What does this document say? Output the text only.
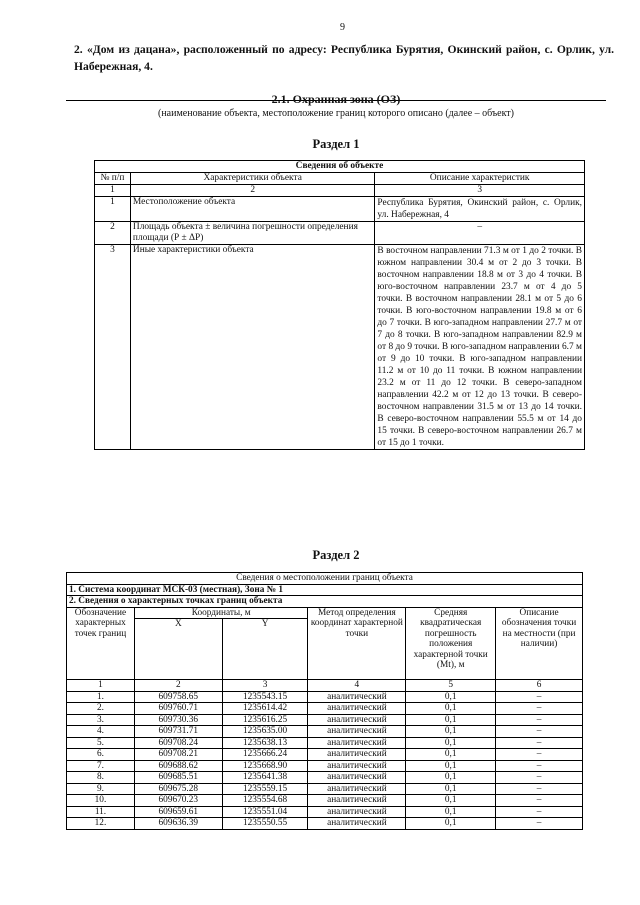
9
2. «Дом из дацана», расположенный по адресу: Республика Бурятия, Окинский район, с. Орлик, ул. Набережная, 4.
2.1. Охранная зона (ОЗ)
(наименование объекта, местоположение границ которого описано (далее – объект)
Раздел 1
Сведения об объекте		
№ п/п	Характеристики объекта	Описание характеристик
1	2	3
1	Местоположение объекта	Республика Бурятия, Окинский район, с. Орлик, ул. Набережная, 4
2	Площадь объекта ± величина погрешности определения площади (Р ± ΔР)	–
3	Иные характеристики объекта	В восточном направлении 71.3 м от 1 до 2 точки. В южном направлении 30.4 м от 2 до 3 точки. В восточном направлении 18.8 м от 3 до 4 точки. В юго-восточном направлении 23.7 м от 4 до 5 точки. В восточном направлении 28.1 м от 5 до 6 точки. В юго-восточном направлении 19.8 м от 6 до 7 точки. В юго-западном направлении 27.7 м от 7 до 8 точки. В юго-западном направлении 82.9 м от 8 до 9 точки. В юго-западном направлении 6.7 м от 9 до 10 точки. В юго-западном направлении 11.2 м от 10 до 11 точки. В южном направлении 23.2 м от 11 до 12 точки. В северо-западном направлении 42.2 м от 12 до 13 точки. В северо-восточном направлении 31.5 м от 13 до 14 точки. В северо-восточном направлении 55.5 м от 14 до 15 точки. В северо-восточном направлении 26.7 м от 15 до 1 точки.
Раздел 2
Сведения о местоположении границ объекта					
1. Система координат МСК-03 (местная), Зона № 1					
2. Сведения о характерных точках границ объекта					
Обозначение характерных точек границ	Координаты, м		Метод определения координат характерной точки	Средняя квадратическая погрешность положения характерной точки (Mt), м	Описание обозначения точки на местности (при наличии)
	X	Y			
1	2	3	4	5	6
1.	609758.65	1235543.15	аналитический	0,1	–
2.	609760.71	1235614.42	аналитический	0,1	–
3.	609730.36	1235616.25	аналитический	0,1	–
4.	609731.71	1235635.00	аналитический	0,1	–
5.	609708.24	1235638.13	аналитический	0,1	–
6.	609708.21	1235666.24	аналитический	0,1	–
7.	609688.62	1235668.90	аналитический	0,1	–
8.	609685.51	1235641.38	аналитический	0,1	–
9.	609675.28	1235559.15	аналитический	0,1	–
10.	609670.23	1235554.68	аналитический	0,1	–
11.	609659.61	1235551.04	аналитический	0,1	–
12.	609636.39	1235550.55	аналитический	0,1	–
